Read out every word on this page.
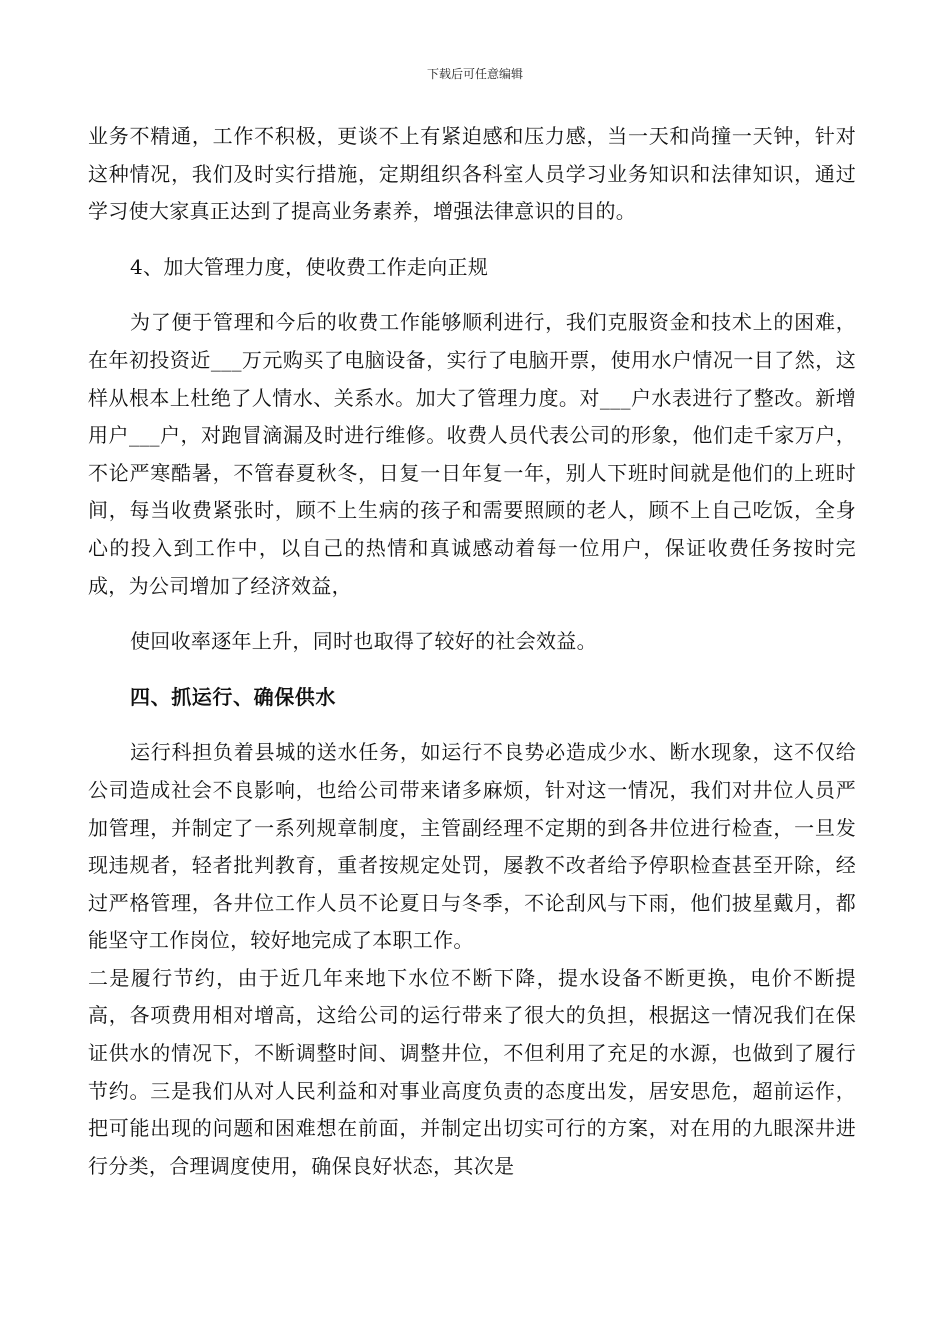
下载后可任意编辑

业务不精通，工作不积极，更谈不上有紧迫感和压力感，当一天和尚撞一天钟，针对这种情况，我们及时实行措施，定期组织各科室人员学习业务知识和法律知识，通过学习使大家真正达到了提高业务素养，增强法律意识的目的。

4、加大管理力度，使收费工作走向正规

为了便于管理和今后的收费工作能够顺利进行，我们克服资金和技术上的困难，在年初投资近___万元购买了电脑设备，实行了电脑开票，使用水户情况一目了然，这样从根本上杜绝了人情水、关系水。加大了管理力度。对___户水表进行了整改。新增用户___户，对跑冒滴漏及时进行维修。收费人员代表公司的形象，他们走千家万户，不论严寒酷暑，不管春夏秋冬，日复一日年复一年，别人下班时间就是他们的上班时间，每当收费紧张时，顾不上生病的孩子和需要照顾的老人，顾不上自己吃饭，全身心的投入到工作中，以自己的热情和真诚感动着每一位用户，保证收费任务按时完成，为公司增加了经济效益，

使回收率逐年上升，同时也取得了较好的社会效益。

四、抓运行、确保供水

运行科担负着县城的送水任务，如运行不良势必造成少水、断水现象，这不仅给公司造成社会不良影响，也给公司带来诸多麻烦，针对这一情况，我们对井位人员严加管理，并制定了一系列规章制度，主管副经理不定期的到各井位进行检查，一旦发现违规者，轻者批判教育，重者按规定处罚，屡教不改者给予停职检查甚至开除，经过严格管理，各井位工作人员不论夏日与冬季，不论刮风与下雨，他们披星戴月，都能坚守工作岗位，较好地完成了本职工作。

二是履行节约，由于近几年来地下水位不断下降，提水设备不断更换，电价不断提高，各项费用相对增高，这给公司的运行带来了很大的负担，根据这一情况我们在保证供水的情况下，不断调整时间、调整井位，不但利用了充足的水源，也做到了履行节约。三是我们从对人民利益和对事业高度负责的态度出发，居安思危，超前运作，把可能出现的问题和困难想在前面，并制定出切实可行的方案，对在用的九眼深井进行分类，合理调度使用，确保良好状态，其次是
